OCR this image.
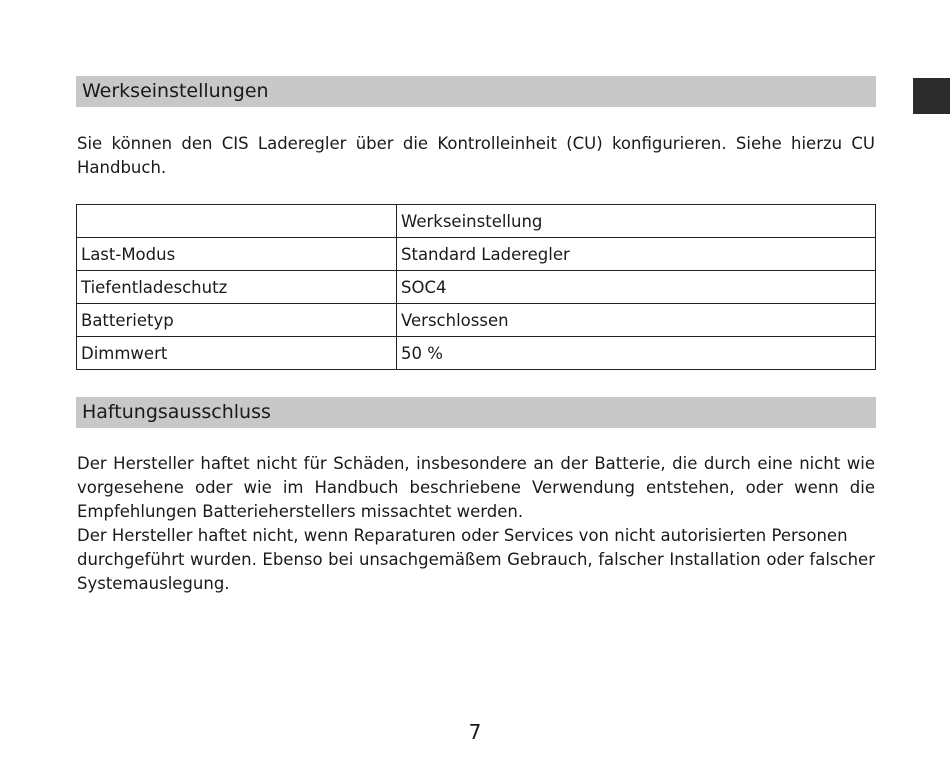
Werkseinstellungen

Sie können den CIS Laderegler über die Kontrolleinheit (CU) konfigurieren. Siehe hierzu CU Handbuch.

	Werkseinstellung
Last-Modus	Standard Laderegler
Tiefentladeschutz	SOC4
Batterietyp	Verschlossen
Dimmwert	50 %
Haftungsausschluss

Der Hersteller haftet nicht für Schäden, insbesondere an der Batterie, die durch eine nicht wie vorgesehene oder wie im Handbuch beschriebene Verwendung entstehen, oder wenn die Empfehlungen Batterieherstellers missachtet werden.

Der Hersteller haftet nicht, wenn Reparaturen oder Services von nicht autorisierten Personen

durchgeführt wurden. Ebenso bei unsachgemäßem Gebrauch, falscher Installation oder falscher Systemauslegung.

7
